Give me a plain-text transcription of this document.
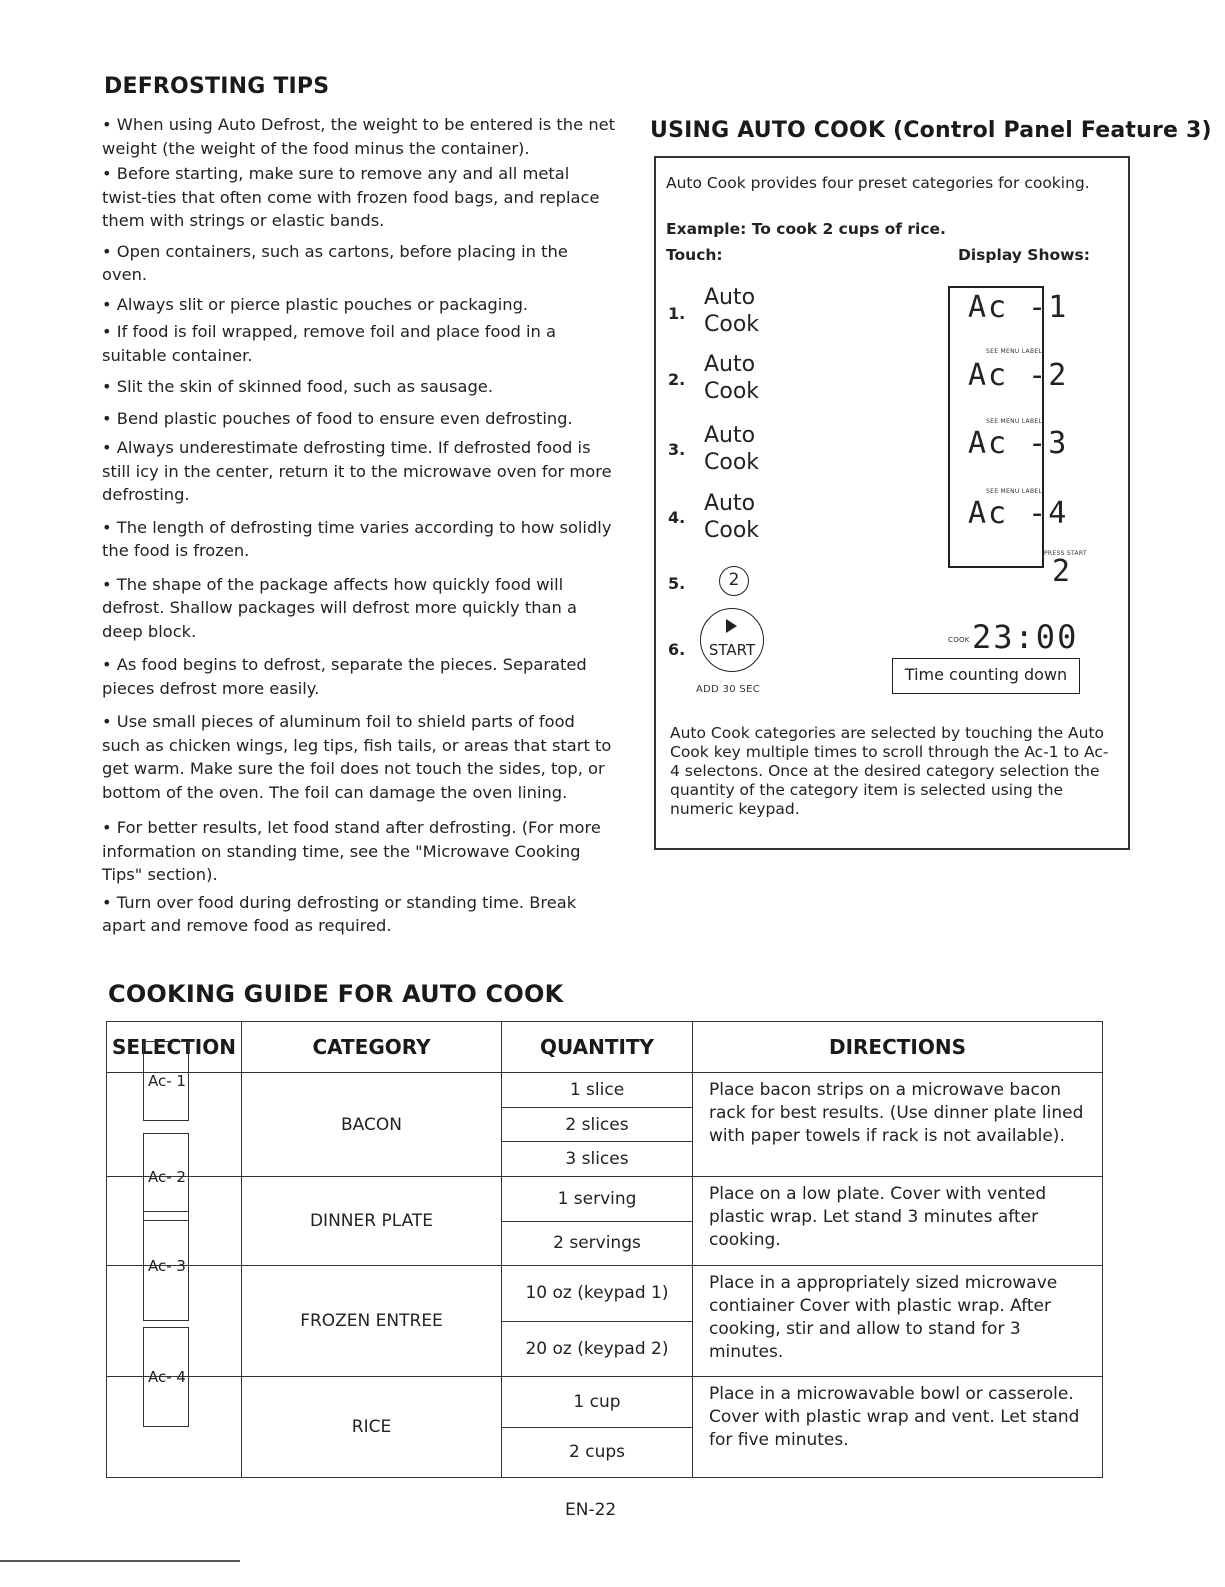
DEFROSTING TIPS

• When using Auto Defrost, the weight to be entered is the net weight (the weight of the food minus the container).

• Before starting, make sure to remove any and all metal twist-ties that often come with frozen food bags, and replace them with strings or elastic bands.

• Open containers, such as cartons, before placing in the oven.

• Always slit or pierce plastic pouches or packaging.

• If food is foil wrapped, remove foil and place food in a suitable container.

• Slit the skin of skinned food, such as sausage.

• Bend plastic pouches of food to ensure even defrosting.

• Always underestimate defrosting time. If defrosted food is still icy in the center, return it to the microwave oven for more defrosting.

• The length of defrosting time varies according to how solidly the food is frozen.

• The shape of the package affects how quickly food will defrost. Shallow packages will defrost more quickly than a deep block.

• As food begins to defrost, separate the pieces. Separated pieces defrost more easily.

• Use small pieces of aluminum foil to shield parts of food such as chicken wings, leg tips, fish tails, or areas that start to get warm. Make sure the foil does not touch the sides, top, or bottom of the oven. The foil can damage the oven lining.

• For better results, let food stand after defrosting. (For more information on standing time, see the "Microwave Cooking Tips" section).

• Turn over food during defrosting or standing time. Break apart and remove food as required.

USING AUTO COOK (Control Panel Feature 3)
Auto Cook provides four preset categories for cooking.
Example: To cook 2 cups of rice.
Touch:	Display Shows:
1.
Auto
Cook
2.
Auto
Cook
3.
Auto
Cook
4.
Auto
Cook
SEE MENU LABEL
SEE MENU LABEL
SEE MENU LABEL
PRESS START
Ac -1
Ac -2
Ac -3
Ac -4
5.	2	2
6.	START
ADD 30 SEC
COOK 23:00
Time counting down
Auto Cook categories are selected by touching the Auto Cook key multiple times to scroll through the Ac-1 to Ac-4 selectons. Once at the desired category selection the quantity of the category item is selected using the numeric keypad.
COOKING GUIDE FOR AUTO COOK
SELECTION	CATEGORY	QUANTITY	DIRECTIONS

Ac- 1	BACON	1 slice
2 slices
3 slices	Place bacon strips on a microwave bacon rack for best results. (Use dinner plate lined with paper towels if rack is not available).

Ac- 2	DINNER PLATE	1 serving
2 servings	Place on a low plate. Cover with vented plastic wrap. Let stand 3 minutes after cooking.

Ac- 3	FROZEN ENTREE	10 oz (keypad 1)
20 oz (keypad 2)	Place in a appropriately sized microwave contiainer Cover with plastic wrap. After cooking, stir and allow to stand for 3 minutes.

Ac- 4	RICE	1 cup
2 cups	Place in a microwavable bowl or casserole. Cover with plastic wrap and vent. Let stand for five minutes.
EN-22
